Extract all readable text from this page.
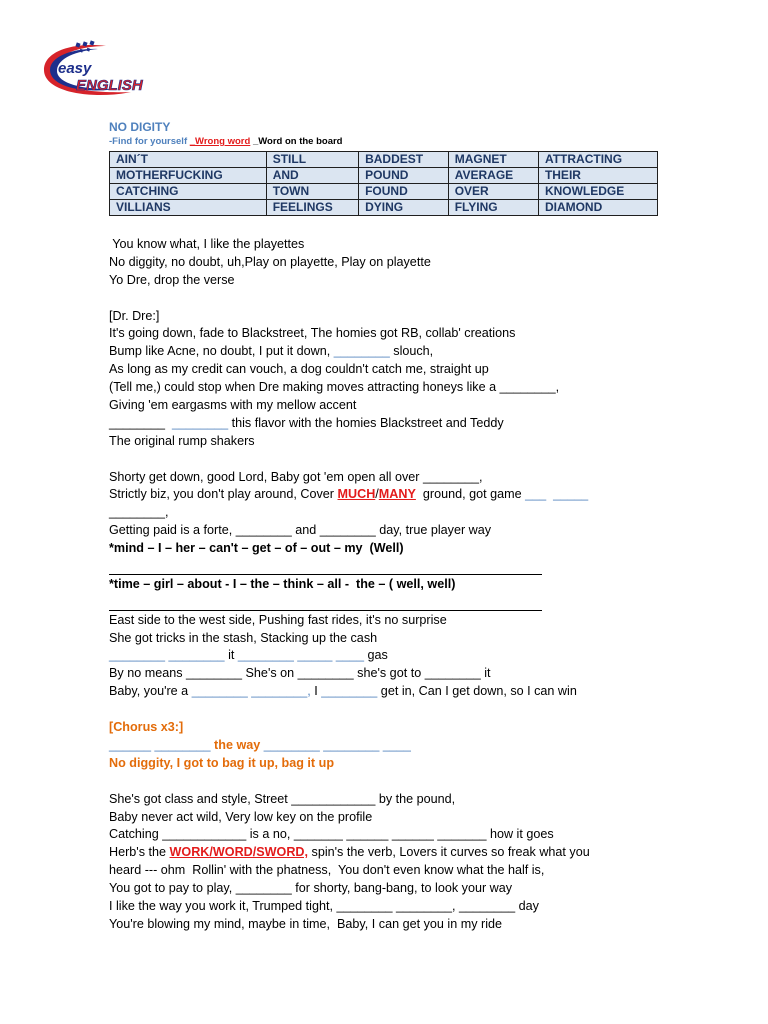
easy
ENGLISH
NO DIGITY
-Find for yourself _Wrong word _Word on the board
AIN´T	STILL	BADDEST	MAGNET	ATTRACTING
MOTHERFUCKING	AND	POUND	AVERAGE	THEIR
CATCHING	TOWN	FOUND	OVER	KNOWLEDGE
VILLIANS	FEELINGS	DYING	FLYING	DIAMOND
You know what, I like the playettes
No diggity, no doubt, uh,Play on playette, Play on playette
Yo Dre, drop the verse
[Dr. Dre:]
It's going down, fade to Blackstreet, The homies got RB, collab' creations
Bump like Acne, no doubt, I put it down, ________ slouch,
As long as my credit can vouch, a dog couldn't catch me, straight up
(Tell me,) could stop when Dre making moves attracting honeys like a ________,
Giving 'em eargasms with my mellow accent
________ ________ this flavor with the homies Blackstreet and Teddy
The original rump shakers
Shorty get down, good Lord, Baby got 'em open all over ________,
Strictly biz, you don't play around, Cover MUCH/MANY  ground, got game ___ _____
________,
Getting paid is a forte, ________ and ________ day, true player way
*mind – I – her – can't – get – of – out – my  (Well)
*time – girl – about - I – the – think – all -  the – ( well, well)
East side to the west side, Pushing fast rides, it's no surprise
She got tricks in the stash, Stacking up the cash
________ ________ it ________ _____ ____ gas
By no means ________ She's on ________ she's got to ________ it
Baby, you're a ________ ________, I ________ get in, Can I get down, so I can win
[Chorus x3:]
______ ________ the way ________ ________ ____
No diggity, I got to bag it up, bag it up
She's got class and style, Street ____________ by the pound,
Baby never act wild, Very low key on the profile
Catching ____________ is a no, _______ ______ ______ _______ how it goes
Herb's the WORK/WORD/SWORD, spin's the verb, Lovers it curves so freak what you
heard --- ohm  Rollin' with the phatness,  You don't even know what the half is,
You got to pay to play, ________ for shorty, bang-bang, to look your way
I like the way you work it, Trumped tight, ________ ________, ________ day
You're blowing my mind, maybe in time,  Baby, I can get you in my ride
